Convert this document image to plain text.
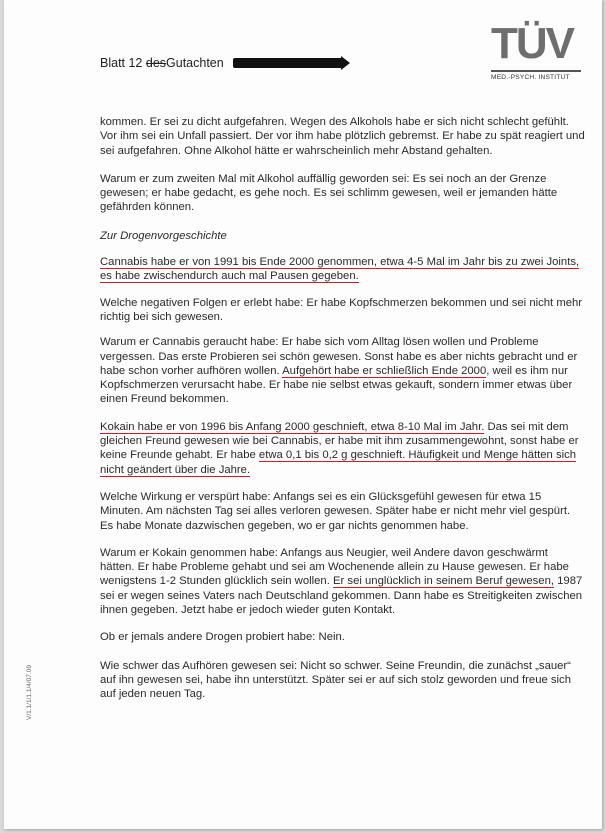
Blatt 12 desGutachten	TÜV
MED.-PSYCH. INSTITUT

kommen. Er sei zu dicht aufgefahren. Wegen des Alkohols habe er sich nicht schlecht gefühlt. Vor ihm sei ein Unfall passiert. Der vor ihm habe plötzlich gebremst. Er habe zu spät reagiert und sei aufgefahren. Ohne Alkohol hätte er wahrscheinlich mehr Abstand gehalten.

Warum er zum zweiten Mal mit Alkohol auffällig geworden sei: Es sei noch an der Grenze gewesen; er habe gedacht, es gehe noch. Es sei schlimm gewesen, weil er jemanden hätte gefährden können.

Zur Drogenvorgeschichte

Cannabis habe er von 1991 bis Ende 2000 genommen, etwa 4-5 Mal im Jahr bis zu zwei Joints, es habe zwischendurch auch mal Pausen gegeben.

Welche negativen Folgen er erlebt habe: Er habe Kopfschmerzen bekommen und sei nicht mehr richtig bei sich gewesen.

Warum er Cannabis geraucht habe: Er habe sich vom Alltag lösen wollen und Probleme vergessen. Das erste Probieren sei schön gewesen. Sonst habe es aber nichts gebracht und er habe schon vorher aufhören wollen. Aufgehört habe er schließlich Ende 2000, weil es ihm nur Kopfschmerzen verursacht habe. Er habe nie selbst etwas gekauft, sondern immer etwas über einen Freund bekommen.

Kokain habe er von 1996 bis Anfang 2000 geschnieft, etwa 8-10 Mal im Jahr. Das sei mit dem gleichen Freund gewesen wie bei Cannabis, er habe mit ihm zusammengewohnt, sonst habe er keine Freunde gehabt. Er habe etwa 0,1 bis 0,2 g geschnieft. Häufigkeit und Menge hätten sich nicht geändert über die Jahre.

Welche Wirkung er verspürt habe: Anfangs sei es ein Glücksgefühl gewesen für etwa 15 Minuten. Am nächsten Tag sei alles verloren gewesen. Später habe er nicht mehr viel gespürt. Es habe Monate dazwischen gegeben, wo er gar nichts genommen habe.

Warum er Kokain genommen habe: Anfangs aus Neugier, weil Andere davon geschwärmt hätten. Er habe Probleme gehabt und sei am Wochenende allein zu Hause gewesen. Er habe wenigstens 1-2 Stunden glücklich sein wollen. Er sei unglücklich in seinem Beruf gewesen, 1987 sei er wegen seines Vaters nach Deutschland gekommen. Dann habe es Streitigkeiten zwischen ihnen gegeben. Jetzt habe er jedoch wieder guten Kontakt.

Ob er jemals andere Drogen probiert habe: Nein.

Wie schwer das Aufhören gewesen sei: Nicht so schwer. Seine Freundin, die zunächst „sauer“ auf ihn gewesen sei, habe ihn unterstützt. Später sei er auf sich stolz geworden und freue sich auf jeden neuen Tag.

V/1.1/1/1.1/4/07.09
